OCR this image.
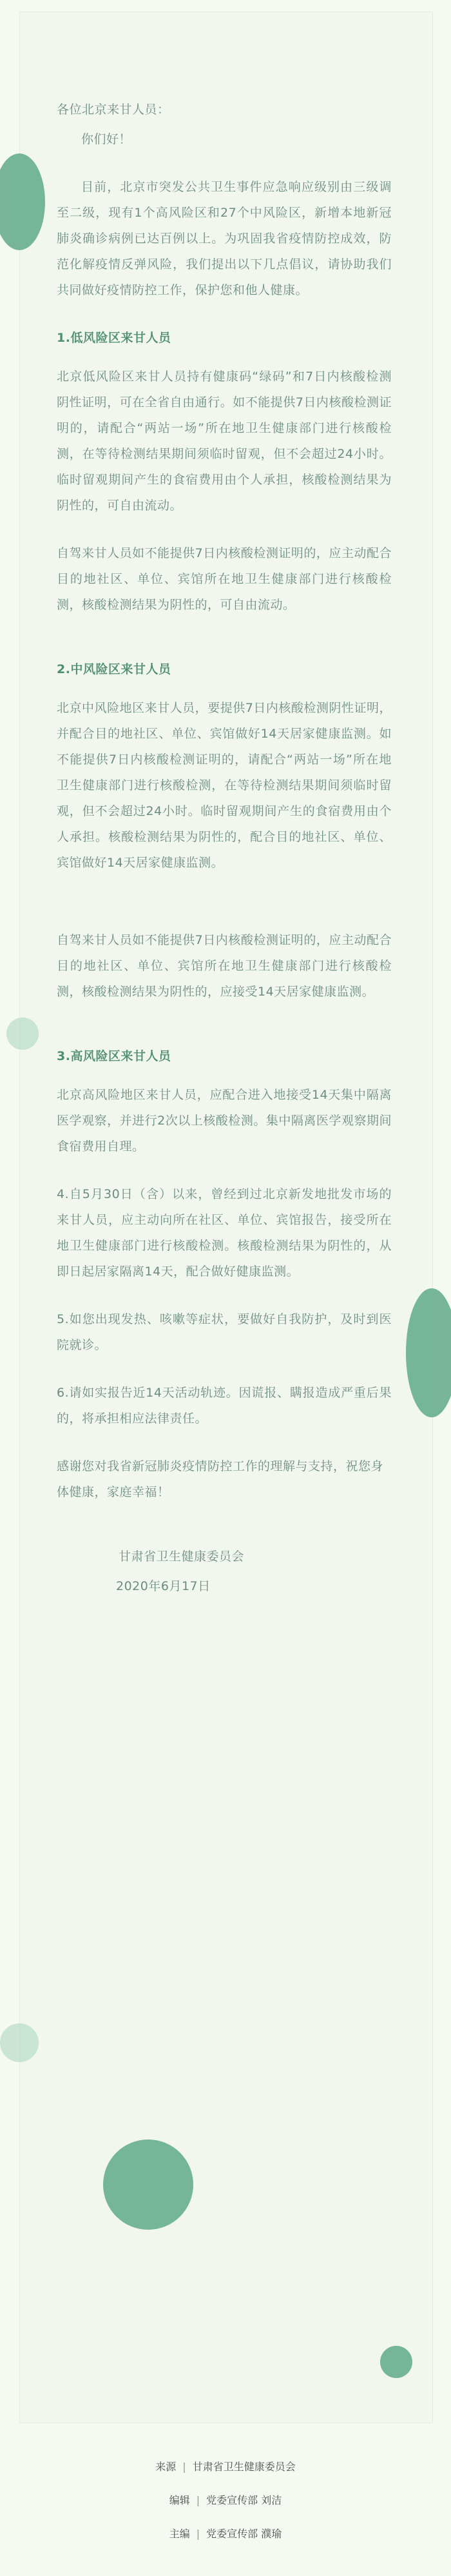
各位北京来甘人员：

你们好！

目前，北京市突发公共卫生事件应急响应级别由三级调至二级，现有1个高风险区和27个中风险区，新增本地新冠肺炎确诊病例已达百例以上。为巩固我省疫情防控成效，防范化解疫情反弹风险，我们提出以下几点倡议，请协助我们共同做好疫情防控工作，保护您和他人健康。

1.低风险区来甘人员

北京低风险区来甘人员持有健康码“绿码”和7日内核酸检测阴性证明，可在全省自由通行。如不能提供7日内核酸检测证明的，请配合“两站一场”所在地卫生健康部门进行核酸检测，在等待检测结果期间须临时留观，但不会超过24小时。临时留观期间产生的食宿费用由个人承担，核酸检测结果为阴性的，可自由流动。

自驾来甘人员如不能提供7日内核酸检测证明的，应主动配合目的地社区、单位、宾馆所在地卫生健康部门进行核酸检测，核酸检测结果为阴性的，可自由流动。

2.中风险区来甘人员

北京中风险地区来甘人员，要提供7日内核酸检测阴性证明，并配合目的地社区、单位、宾馆做好14天居家健康监测。如不能提供7日内核酸检测证明的，请配合“两站一场”所在地卫生健康部门进行核酸检测，在等待检测结果期间须临时留观，但不会超过24小时。临时留观期间产生的食宿费用由个人承担。核酸检测结果为阴性的，配合目的地社区、单位、宾馆做好14天居家健康监测。

自驾来甘人员如不能提供7日内核酸检测证明的，应主动配合目的地社区、单位、宾馆所在地卫生健康部门进行核酸检测，核酸检测结果为阴性的，应接受14天居家健康监测。

3.高风险区来甘人员

北京高风险地区来甘人员，应配合进入地接受14天集中隔离医学观察，并进行2次以上核酸检测。集中隔离医学观察期间食宿费用自理。

4.自5月30日（含）以来，曾经到过北京新发地批发市场的来甘人员，应主动向所在社区、单位、宾馆报告，接受所在地卫生健康部门进行核酸检测。核酸检测结果为阴性的，从即日起居家隔离14天，配合做好健康监测。

5.如您出现发热、咳嗽等症状，要做好自我防护，及时到医院就诊。

6.请如实报告近14天活动轨迹。因谎报、瞒报造成严重后果的，将承担相应法律责任。

感谢您对我省新冠肺炎疫情防控工作的理解与支持，祝您身体健康，家庭幸福！

甘肃省卫生健康委员会

2020年6月17日

来源 | 甘肃省卫生健康委员会
编辑 | 党委宣传部 刘洁
主编 | 党委宣传部 濮瑜
